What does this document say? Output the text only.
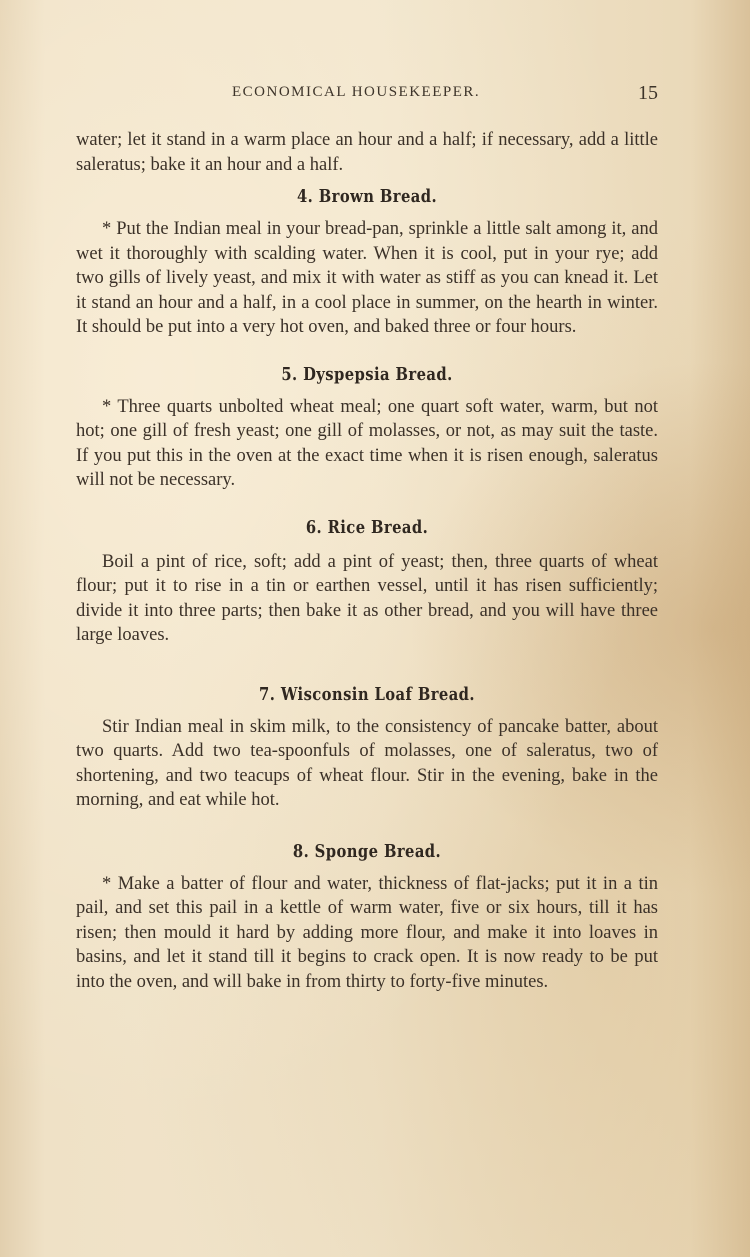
ECONOMICAL HOUSEKEEPER.	15

water; let it stand in a warm place an hour and a half; if necessary, add a little saleratus; bake it an hour and a half.

4. Brown Bread.

* Put the Indian meal in your bread-pan, sprinkle a little salt among it, and wet it thoroughly with scalding water. When it is cool, put in your rye; add two gills of lively yeast, and mix it with water as stiff as you can knead it. Let it stand an hour and a half, in a cool place in summer, on the hearth in winter. It should be put into a very hot oven, and baked three or four hours.

5. Dyspepsia Bread.

* Three quarts unbolted wheat meal; one quart soft water, warm, but not hot; one gill of fresh yeast; one gill of molasses, or not, as may suit the taste. If you put this in the oven at the exact time when it is risen enough, saleratus will not be necessary.

6. Rice Bread.

Boil a pint of rice, soft; add a pint of yeast; then, three quarts of wheat flour; put it to rise in a tin or earthen vessel, until it has risen sufficiently; divide it into three parts; then bake it as other bread, and you will have three large loaves.

7. Wisconsin Loaf Bread.

Stir Indian meal in skim milk, to the consistency of pancake batter, about two quarts. Add two tea-spoonfuls of molasses, one of saleratus, two of shortening, and two teacups of wheat flour. Stir in the evening, bake in the morning, and eat while hot.

8. Sponge Bread.

* Make a batter of flour and water, thickness of flat-jacks; put it in a tin pail, and set this pail in a kettle of warm water, five or six hours, till it has risen; then mould it hard by adding more flour, and make it into loaves in basins, and let it stand till it begins to crack open. It is now ready to be put into the oven, and will bake in from thirty to forty-five minutes.
